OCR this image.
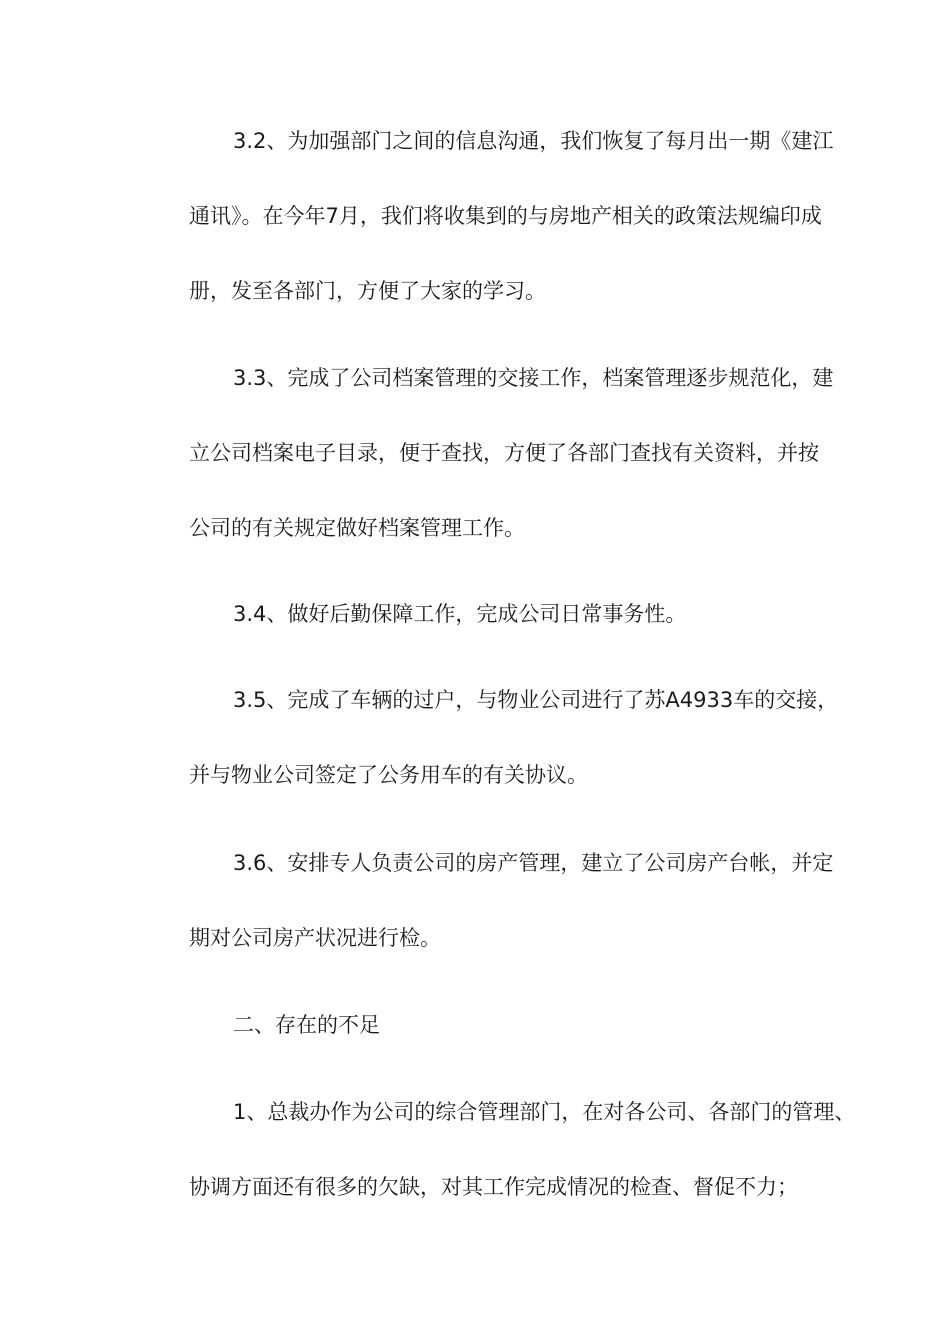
3.2、为加强部门之间的信息沟通，我们恢复了每月出一期《建江
通讯》。在今年7月，我们将收集到的与房地产相关的政策法规编印成
册，发至各部门，方便了大家的学习。
3.3、完成了公司档案管理的交接工作，档案管理逐步规范化，建
立公司档案电子目录，便于查找，方便了各部门查找有关资料，并按
公司的有关规定做好档案管理工作。
3.4、做好后勤保障工作，完成公司日常事务性。
3.5、完成了车辆的过户，与物业公司进行了苏A4933车的交接，
并与物业公司签定了公务用车的有关协议。
3.6、安排专人负责公司的房产管理，建立了公司房产台帐，并定
期对公司房产状况进行检。
二、存在的不足
1、总裁办作为公司的综合管理部门，在对各公司、各部门的管理、
协调方面还有很多的欠缺，对其工作完成情况的检查、督促不力；
